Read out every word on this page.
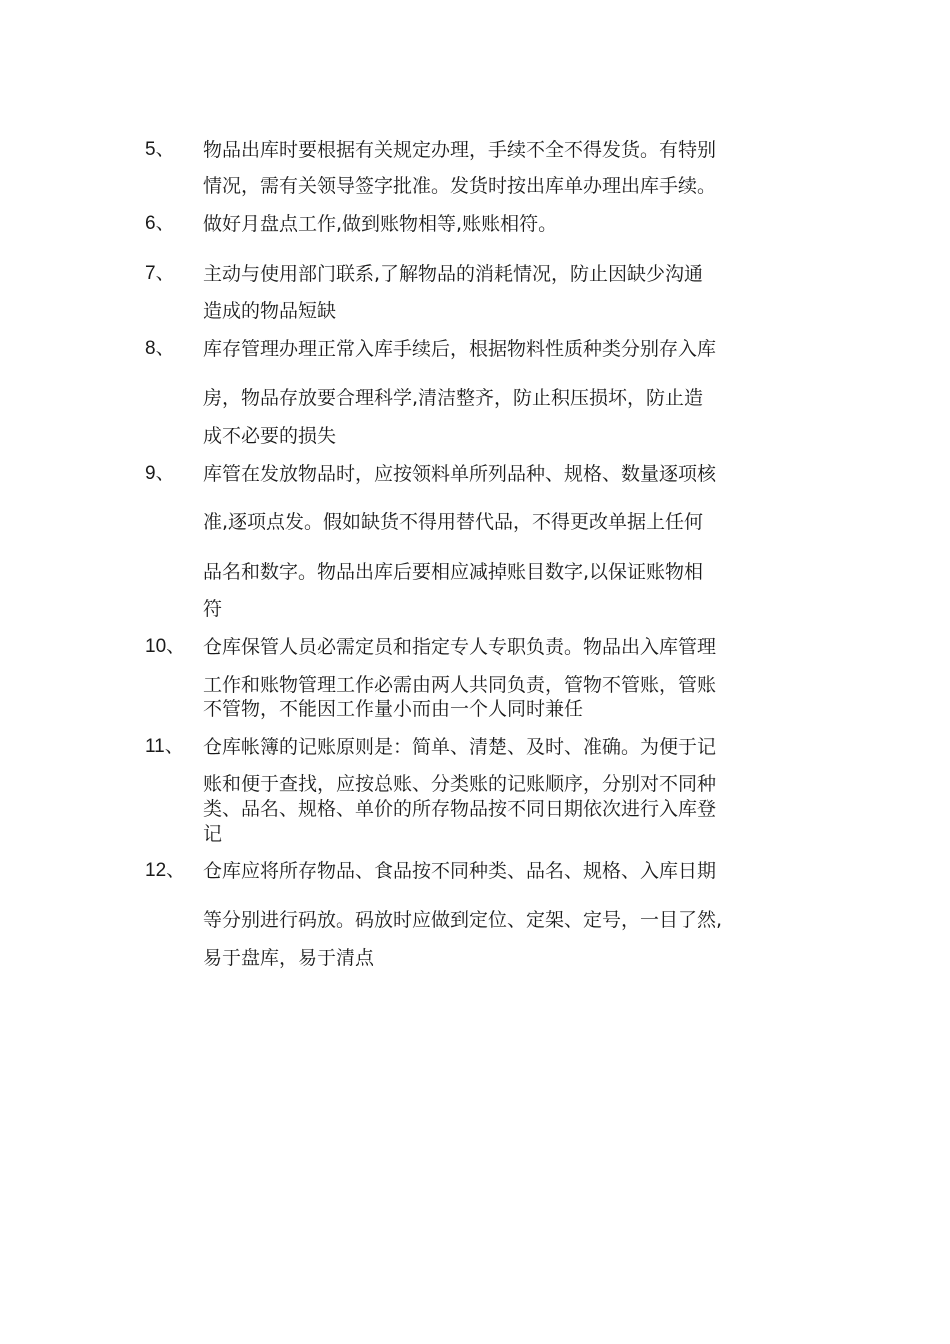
5、 物品出库时要根据有关规定办理，手续不全不得发货。有特别
情况，需有关领导签字批准。发货时按出库单办理出库手续。
6、 做好月盘点工作,做到账物相等,账账相符。
7、 主动与使用部门联系,了解物品的消耗情况，防止因缺少沟通
造成的物品短缺
8、 库存管理办理正常入库手续后，根据物料性质种类分别存入库
房，物品存放要合理科学,清洁整齐，防止积压损坏，防止造
成不必要的损失
9、 库管在发放物品时，应按领料单所列品种、规格、数量逐项核
准,逐项点发。假如缺货不得用替代品，不得更改单据上任何
品名和数字。物品出库后要相应减掉账目数字,以保证账物相
符
10、 仓库保管人员必需定员和指定专人专职负责。物品出入库管理
工作和账物管理工作必需由两人共同负责，管物不管账，管账
不管物，不能因工作量小而由一个人同时兼任
11、 仓库帐簿的记账原则是：简单、清楚、及时、准确。为便于记
账和便于查找，应按总账、分类账的记账顺序，分别对不同种
类、品名、规格、单价的所存物品按不同日期依次进行入库登
记
12、 仓库应将所存物品、食品按不同种类、品名、规格、入库日期
等分别进行码放。码放时应做到定位、定架、定号，一目了然,
易于盘库，易于清点
